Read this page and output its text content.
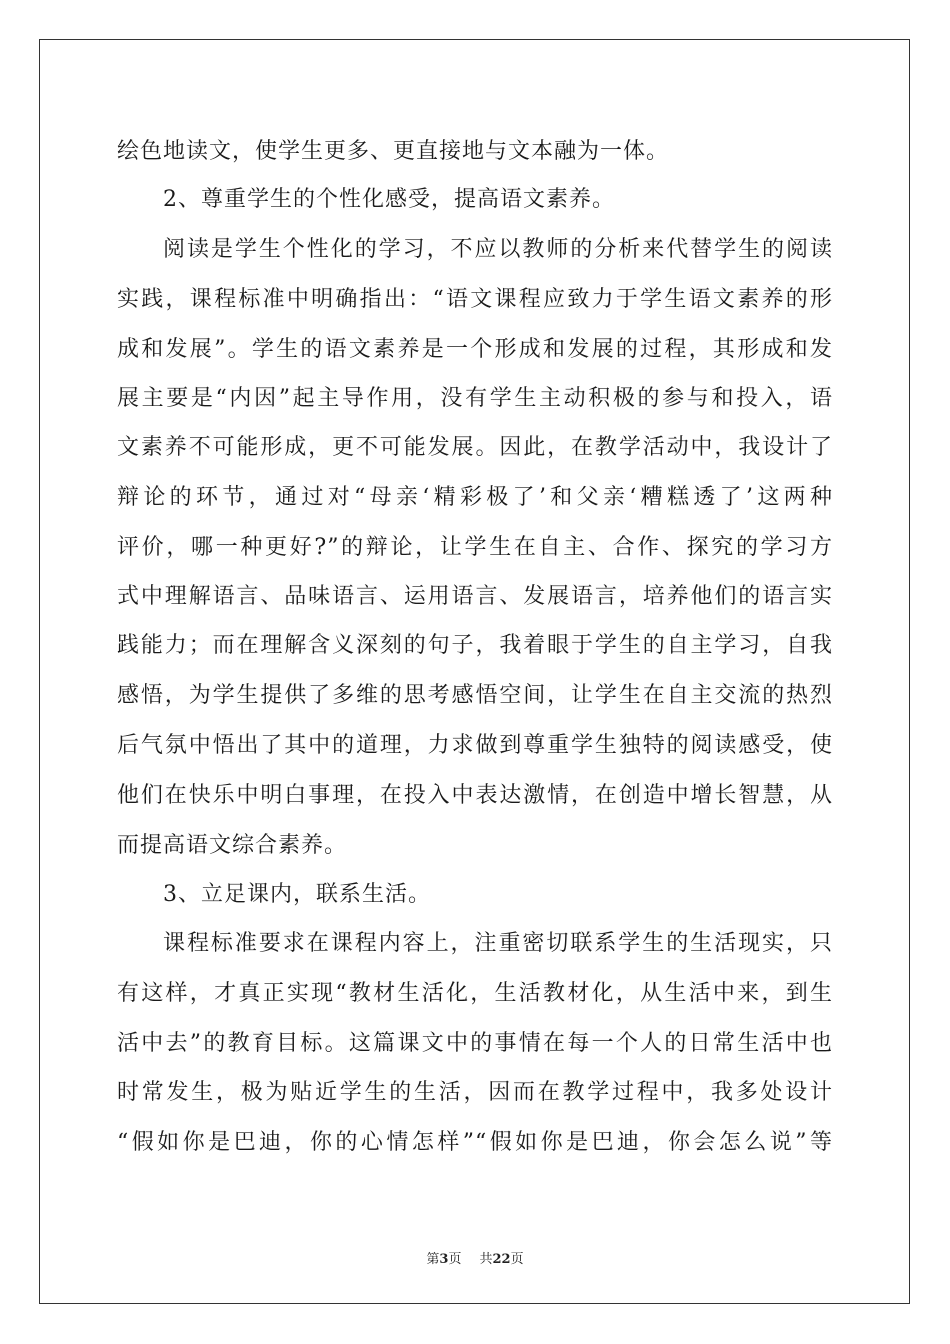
绘色地读文，使学生更多、更直接地与文本融为一体。
2、尊重学生的个性化感受，提高语文素养。
阅读是学生个性化的学习，不应以教师的分析来代替学生的阅读
实践，课程标准中明确指出：“语文课程应致力于学生语文素养的形
成和发展”。学生的语文素养是一个形成和发展的过程，其形成和发
展主要是“内因”起主导作用，没有学生主动积极的参与和投入，语
文素养不可能形成，更不可能发展。因此，在教学活动中，我设计了
辩论的环节，通过对“母亲‘精彩极了’和父亲‘糟糕透了’这两种
评价，哪一种更好?”的辩论，让学生在自主、合作、探究的学习方
式中理解语言、品味语言、运用语言、发展语言，培养他们的语言实
践能力；而在理解含义深刻的句子，我着眼于学生的自主学习，自我
感悟，为学生提供了多维的思考感悟空间，让学生在自主交流的热烈
后气氛中悟出了其中的道理，力求做到尊重学生独特的阅读感受，使
他们在快乐中明白事理，在投入中表达激情，在创造中增长智慧，从
而提高语文综合素养。
3、立足课内，联系生活。
课程标准要求在课程内容上，注重密切联系学生的生活现实，只
有这样，才真正实现“教材生活化，生活教材化，从生活中来，到生
活中去”的教育目标。这篇课文中的事情在每一个人的日常生活中也
时常发生，极为贴近学生的生活，因而在教学过程中，我多处设计
“假如你是巴迪，你的心情怎样”“假如你是巴迪，你会怎么说”等
第3页 共22页
